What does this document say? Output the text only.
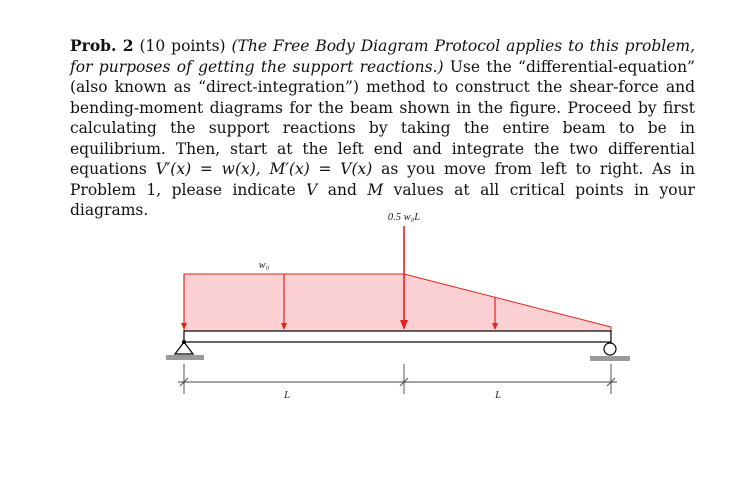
Prob. 2 (10 points) (The Free Body Diagram Protocol applies to this problem, for purposes of getting the support reactions.) Use the “differential-equation” (also known as “direct-integration”) method to construct the shear-force and bending-moment diagrams for the beam shown in the figure. Proceed by first calculating the support reactions by taking the entire beam to be in equilibrium. Then, start at the left end and integrate the two differential equations V′(x) = w(x), M′(x) = V(x) as you move from left to right. As in Problem 1, please indicate V and M values at all critical points in your diagrams.	0.5 w₀L
w₀
L	L
